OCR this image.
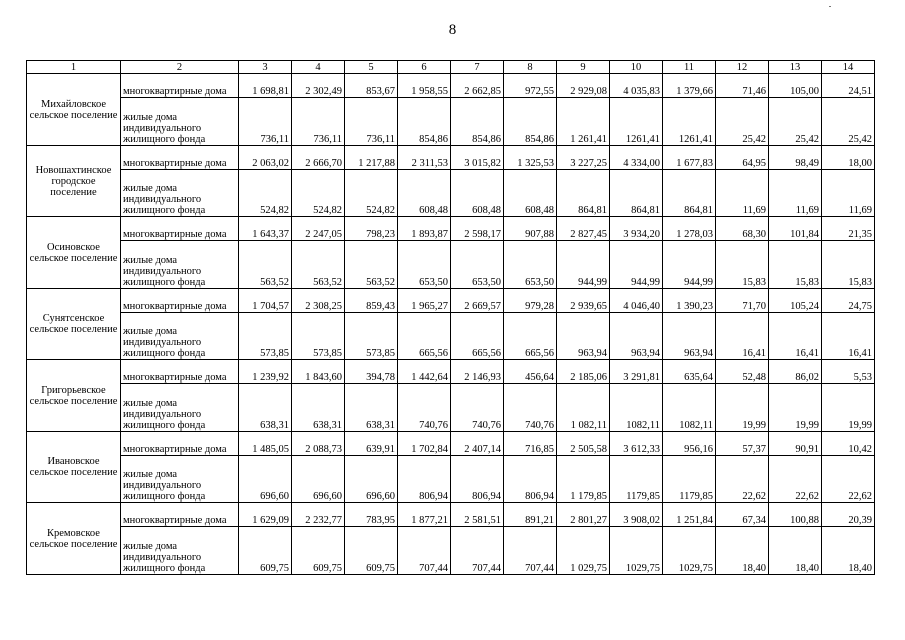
8
1	2	3	4	5	6	7	8	9	10	11	12	13	14
Михайловское сельское поселение	многоквартирные дома	1 698,81	2 302,49	853,67	1 958,55	2 662,85	972,55	2 929,08	4 035,83	1 379,66	71,46	105,00	24,51
	жилые дома индивидуального жилищного фонда	736,11	736,11	736,11	854,86	854,86	854,86	1 261,41	1261,41	1261,41	25,42	25,42	25,42
Новошахтинское городское поселение	многоквартирные дома	2 063,02	2 666,70	1 217,88	2 311,53	3 015,82	1 325,53	3 227,25	4 334,00	1 677,83	64,95	98,49	18,00
	жилые дома индивидуального жилищного фонда	524,82	524,82	524,82	608,48	608,48	608,48	864,81	864,81	864,81	11,69	11,69	11,69
Осиновское сельское поселение	многоквартирные дома	1 643,37	2 247,05	798,23	1 893,87	2 598,17	907,88	2 827,45	3 934,20	1 278,03	68,30	101,84	21,35
	жилые дома индивидуального жилищного фонда	563,52	563,52	563,52	653,50	653,50	653,50	944,99	944,99	944,99	15,83	15,83	15,83
Сунятсенское сельское поселение	многоквартирные дома	1 704,57	2 308,25	859,43	1 965,27	2 669,57	979,28	2 939,65	4 046,40	1 390,23	71,70	105,24	24,75
	жилые дома индивидуального жилищного фонда	573,85	573,85	573,85	665,56	665,56	665,56	963,94	963,94	963,94	16,41	16,41	16,41
Григорьевское сельское поселение	многоквартирные дома	1 239,92	1 843,60	394,78	1 442,64	2 146,93	456,64	2 185,06	3 291,81	635,64	52,48	86,02	5,53
	жилые дома индивидуального жилищного фонда	638,31	638,31	638,31	740,76	740,76	740,76	1 082,11	1082,11	1082,11	19,99	19,99	19,99
Ивановское сельское поселение	многоквартирные дома	1 485,05	2 088,73	639,91	1 702,84	2 407,14	716,85	2 505,58	3 612,33	956,16	57,37	90,91	10,42
	жилые дома индивидуального жилищного фонда	696,60	696,60	696,60	806,94	806,94	806,94	1 179,85	1179,85	1179,85	22,62	22,62	22,62
Кремовское сельское поселение	многоквартирные дома	1 629,09	2 232,77	783,95	1 877,21	2 581,51	891,21	2 801,27	3 908,02	1 251,84	67,34	100,88	20,39
	жилые дома индивидуального жилищного фонда	609,75	609,75	609,75	707,44	707,44	707,44	1 029,75	1029,75	1029,75	18,40	18,40	18,40
